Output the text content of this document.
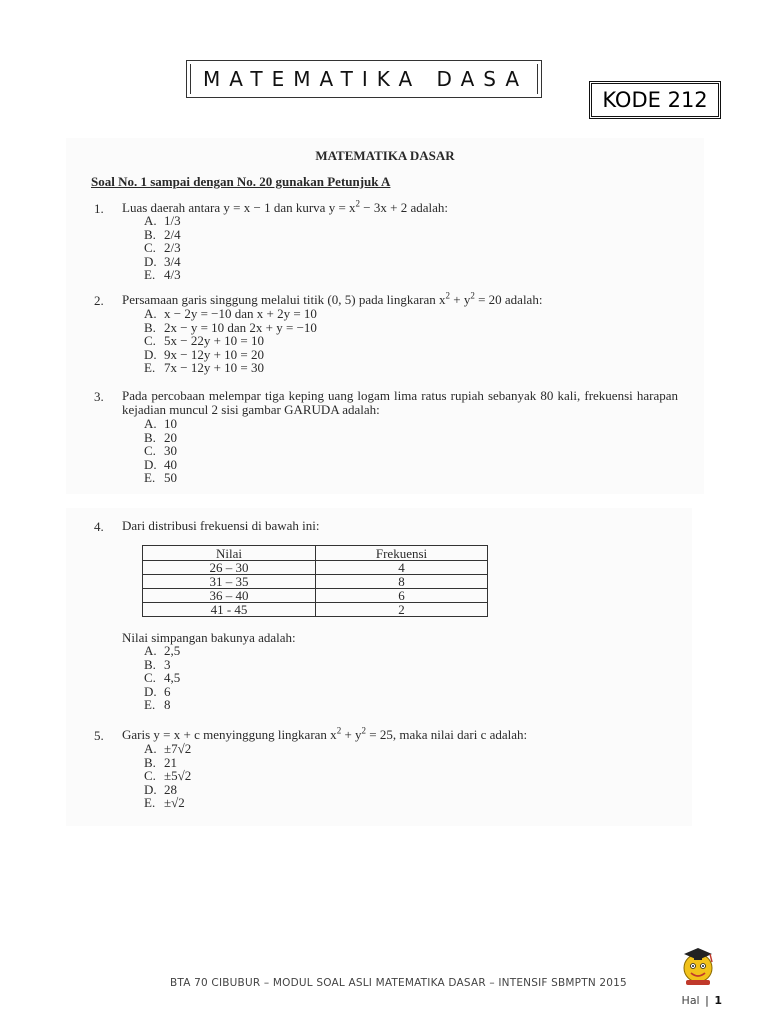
MATEMATIKA DASA
KODE 212
MATEMATIKA DASAR
Soal No. 1 sampai dengan No. 20 gunakan Petunjuk A
1. Luas daerah antara y = x − 1 dan kurva $y = x^2 - 3x + 2$ adalah:
A. 1/3
B. 2/4
C. 2/3
D. 3/4
E. 4/3
2. Persamaan garis singgung melalui titik (0, 5) pada lingkaran $x^2 + y^2 = 20$ adalah:
A. x − 2y = −10 dan x + 2y = 10
B. 2x − y = 10 dan 2x + y = −10
C. 5x − 22y + 10 = 10
D. 9x − 12y + 10 = 20
E. 7x − 12y + 10 = 30
3. Pada percobaan melempar tiga keping uang logam lima ratus rupiah sebanyak 80 kali, frekuensi harapan kejadian muncul 2 sisi gambar GARUDA adalah:
A. 10
B. 20
C. 30
D. 40
E. 50
4. Dari distribusi frekuensi di bawah ini:
Nilai	Frekuensi
26 – 30	4
31 – 35	8
36 – 40	6
41 - 45	2
Nilai simpangan bakunya adalah:
A. 2,5
B. 3
C. 4,5
D. 6
E. 8
5. Garis y = x + c menyinggung lingkaran $x^2 + y^2 = 25$, maka nilai dari c adalah:
A. ±7√2
B. 21
C. ±5√2
D. 28
E. ±√2
BTA 70 CIBUBUR – MODUL SOAL ASLI MATEMATIKA DASAR – INTENSIF SBMPTN 2015
Hal | 1
